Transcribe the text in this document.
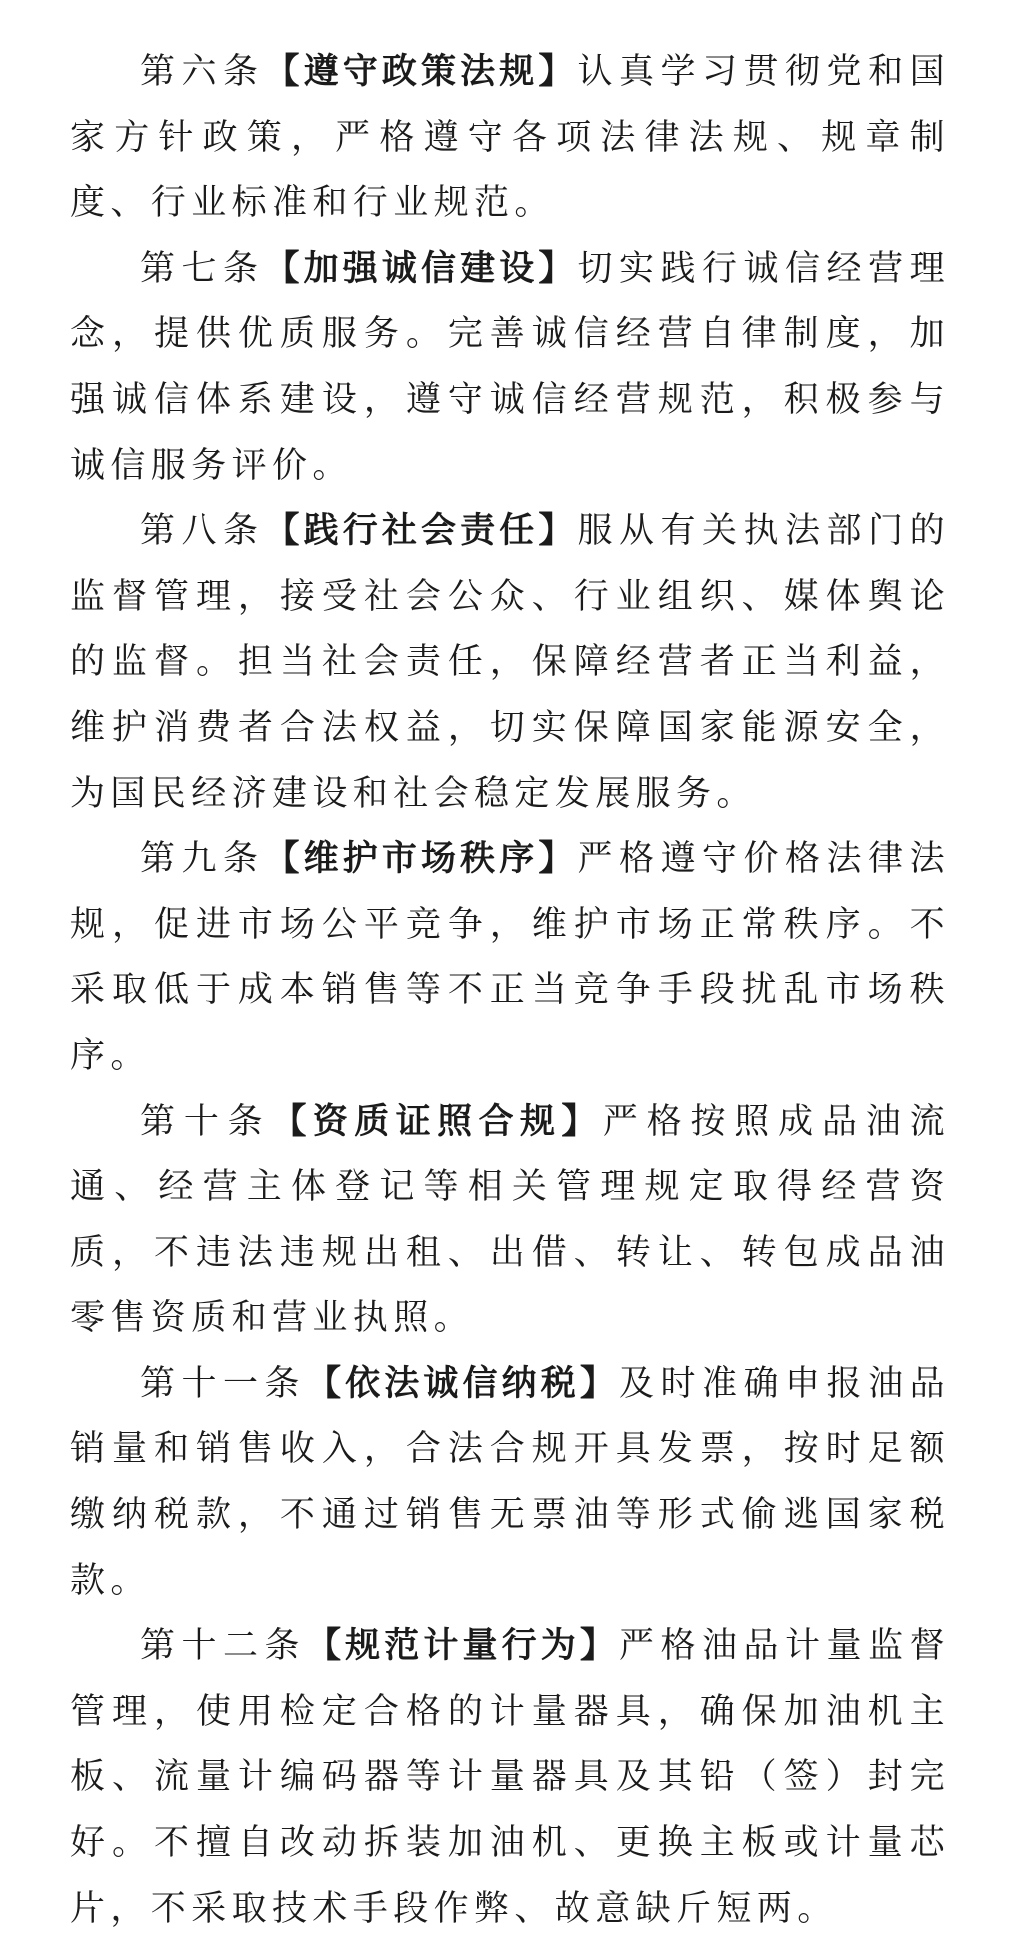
第六条【遵守政策法规】认真学习贯彻党和国家方针政策，严格遵守各项法律法规、规章制度、行业标准和行业规范。

第七条【加强诚信建设】切实践行诚信经营理念，提供优质服务。完善诚信经营自律制度，加强诚信体系建设，遵守诚信经营规范，积极参与诚信服务评价。

第八条【践行社会责任】服从有关执法部门的监督管理，接受社会公众、行业组织、媒体舆论的监督。担当社会责任，保障经营者正当利益，维护消费者合法权益，切实保障国家能源安全，为国民经济建设和社会稳定发展服务。

第九条【维护市场秩序】严格遵守价格法律法规，促进市场公平竞争，维护市场正常秩序。不采取低于成本销售等不正当竞争手段扰乱市场秩序。

第十条【资质证照合规】严格按照成品油流通、经营主体登记等相关管理规定取得经营资质，不违法违规出租、出借、转让、转包成品油零售资质和营业执照。

第十一条【依法诚信纳税】及时准确申报油品销量和销售收入，合法合规开具发票，按时足额缴纳税款，不通过销售无票油等形式偷逃国家税款。

第十二条【规范计量行为】严格油品计量监督管理，使用检定合格的计量器具，确保加油机主板、流量计编码器等计量器具及其铅（签）封完好。不擅自改动拆装加油机、更换主板或计量芯片，不采取技术手段作弊、故意缺斤短两。
